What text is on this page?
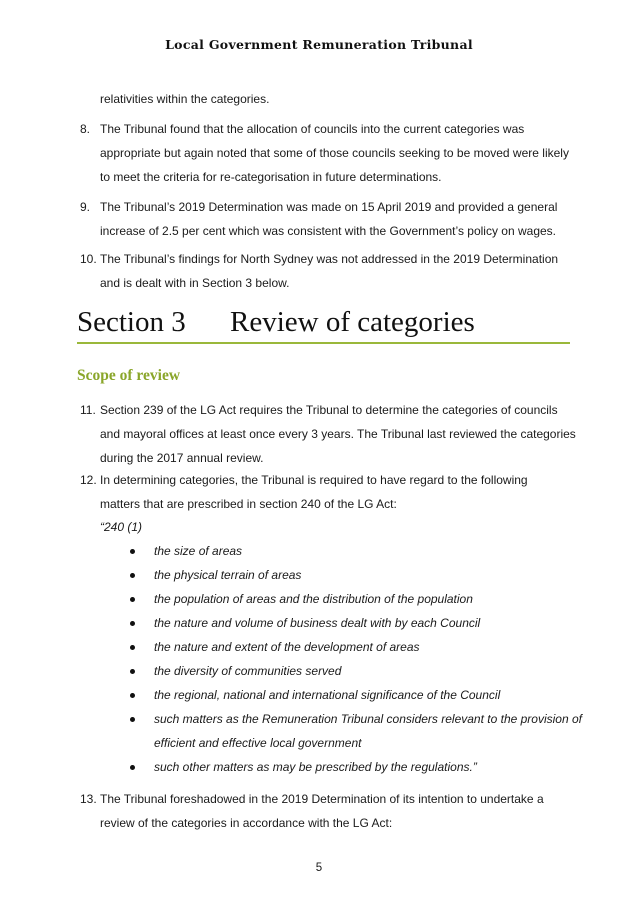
Local Government Remuneration Tribunal
relativities within the categories.
8. The Tribunal found that the allocation of councils into the current categories was
appropriate but again noted that some of those councils seeking to be moved were likely
to meet the criteria for re-categorisation in future determinations.
9. The Tribunal’s 2019 Determination was made on 15 April 2019 and provided a general
increase of 2.5 per cent which was consistent with the Government’s policy on wages.
10. The Tribunal’s findings for North Sydney was not addressed in the 2019 Determination
and is dealt with in Section 3 below.
Section 3 Review of categories
Scope of review
11. Section 239 of the LG Act requires the Tribunal to determine the categories of councils
and mayoral offices at least once every 3 years. The Tribunal last reviewed the categories
during the 2017 annual review.
12. In determining categories, the Tribunal is required to have regard to the following
matters that are prescribed in section 240 of the LG Act:
“240 (1)
the size of areas
the physical terrain of areas
the population of areas and the distribution of the population
the nature and volume of business dealt with by each Council
the nature and extent of the development of areas
the diversity of communities served
the regional, national and international significance of the Council
such matters as the Remuneration Tribunal considers relevant to the provision of
efficient and effective local government
such other matters as may be prescribed by the regulations.”
13. The Tribunal foreshadowed in the 2019 Determination of its intention to undertake a
review of the categories in accordance with the LG Act:
5
